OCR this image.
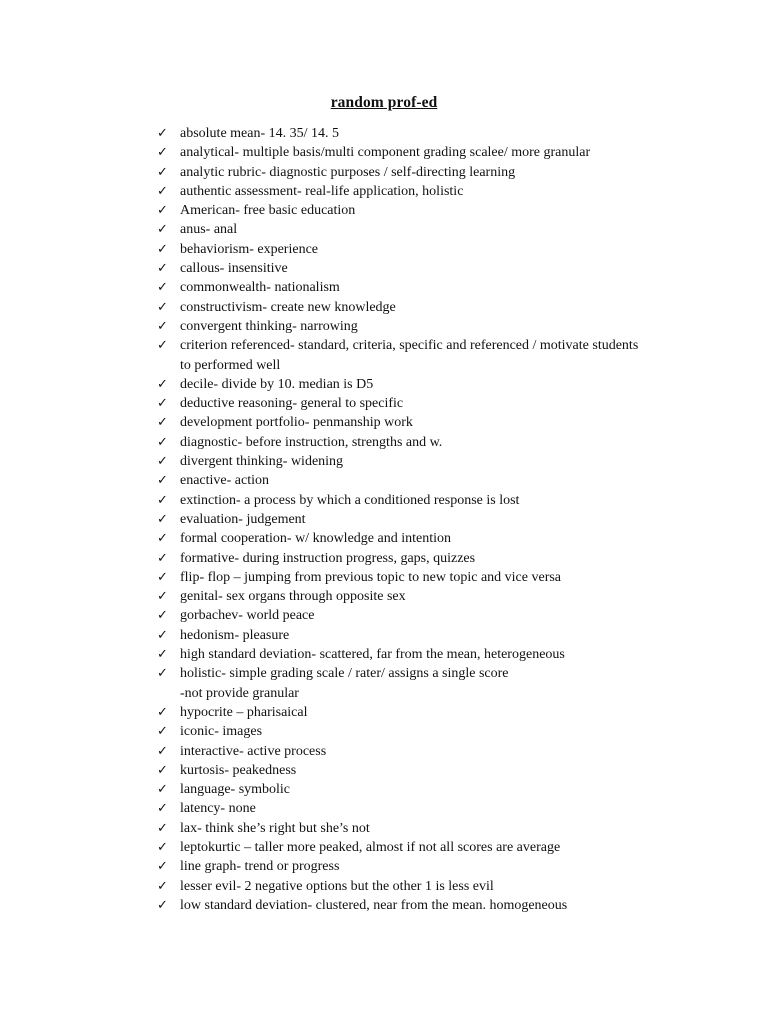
random prof-ed
✓ absolute mean- 14. 35/ 14. 5
✓ analytical- multiple basis/multi component grading scalee/ more granular
✓ analytic rubric- diagnostic purposes / self-directing learning
✓ authentic assessment- real-life application, holistic
✓ American- free basic education
✓ anus- anal
✓ behaviorism- experience
✓ callous- insensitive
✓ commonwealth- nationalism
✓ constructivism- create new knowledge
✓ convergent thinking- narrowing
✓ criterion referenced- standard, criteria, specific and referenced / motivate students
to performed well
✓ decile- divide by 10. median is D5
✓ deductive reasoning- general to specific
✓ development portfolio- penmanship work
✓ diagnostic- before instruction, strengths and w.
✓ divergent thinking- widening
✓ enactive- action
✓ extinction- a process by which a conditioned response is lost
✓ evaluation- judgement
✓ formal cooperation- w/ knowledge and intention
✓ formative- during instruction progress, gaps, quizzes
✓ flip- flop – jumping from previous topic to new topic and vice versa
✓ genital- sex organs through opposite sex
✓ gorbachev- world peace
✓ hedonism- pleasure
✓ high standard deviation- scattered, far from the mean, heterogeneous
✓ holistic- simple grading scale / rater/ assigns a single score
-not provide granular
✓ hypocrite – pharisaical
✓ iconic- images
✓ interactive- active process
✓ kurtosis- peakedness
✓ language- symbolic
✓ latency- none
✓ lax- think she’s right but she’s not
✓ leptokurtic – taller more peaked, almost if not all scores are average
✓ line graph- trend or progress
✓ lesser evil- 2 negative options but the other 1 is less evil
✓ low standard deviation- clustered, near from the mean. homogeneous
